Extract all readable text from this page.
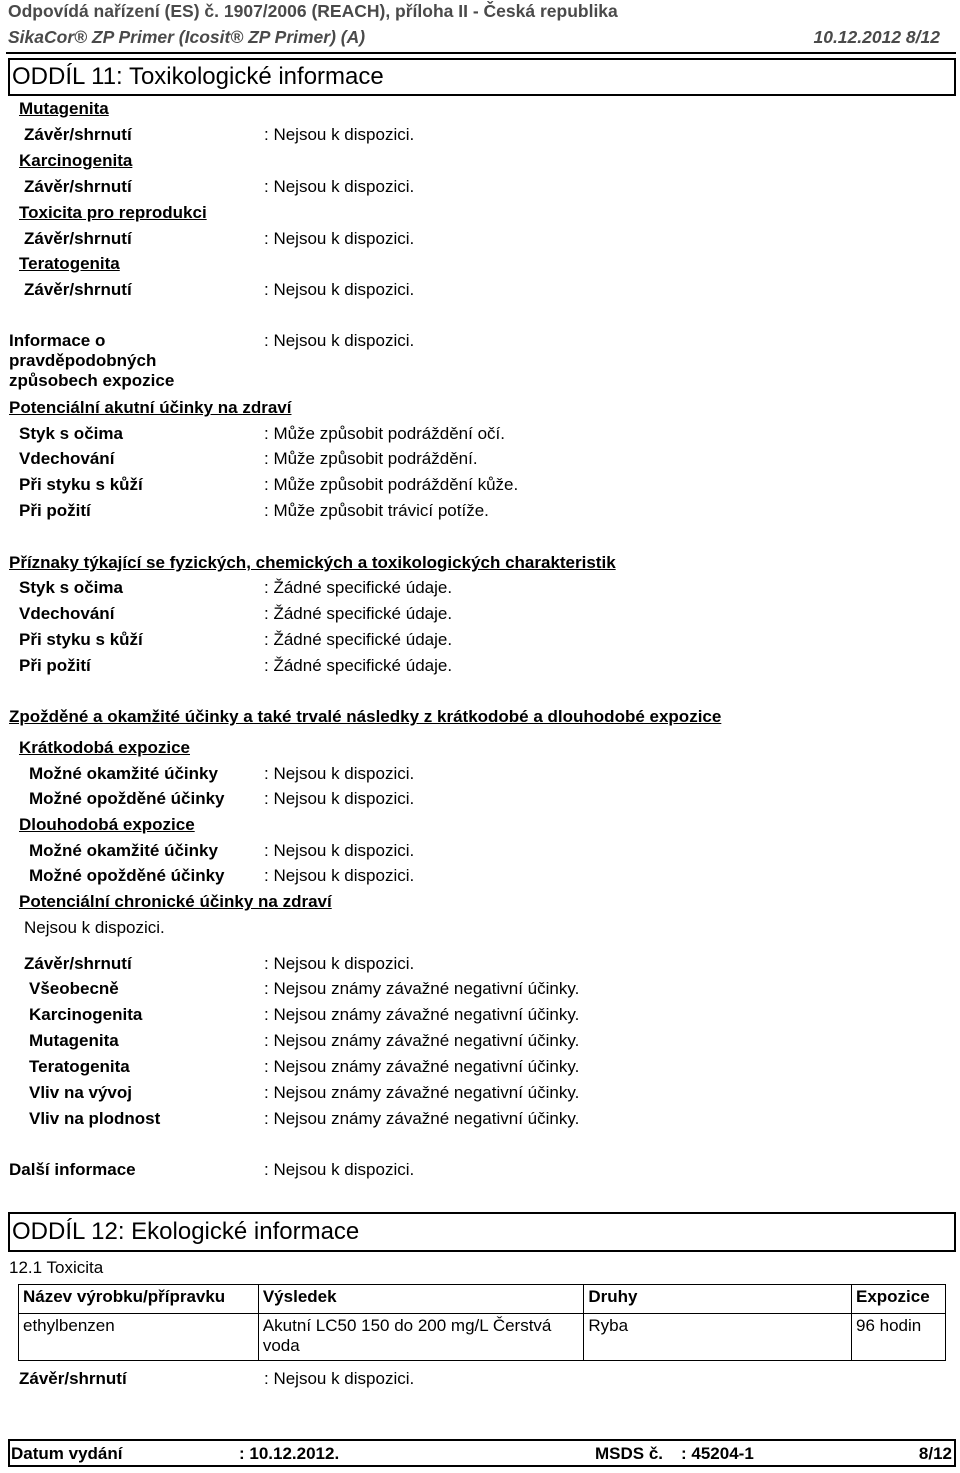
Odpovídá nařízení (ES) č. 1907/2006 (REACH), příloha II - Česká republika
SikaCor® ZP Primer (Icosit® ZP Primer) (A)	10.12.2012 8/12
ODDÍL 11: Toxikologické informace
Mutagenita
Závěr/shrnutí	: Nejsou k dispozici.
Karcinogenita
Závěr/shrnutí	: Nejsou k dispozici.
Toxicita pro reprodukci
Závěr/shrnutí	: Nejsou k dispozici.
Teratogenita
Závěr/shrnutí	: Nejsou k dispozici.
Informace o
pravděpodobných
způsobech expozice
: Nejsou k dispozici.
Potenciální akutní účinky na zdraví
Styk s očima	: Může způsobit podráždění očí.
Vdechování	: Může způsobit podráždění.
Při styku s kůží	: Může způsobit podráždění kůže.
Při požití	: Může způsobit trávicí potíže.
Příznaky týkající se fyzických, chemických a toxikologických charakteristik
Styk s očima	: Žádné specifické údaje.
Vdechování	: Žádné specifické údaje.
Při styku s kůží	: Žádné specifické údaje.
Při požití	: Žádné specifické údaje.
Zpožděné a okamžité účinky a také trvalé následky z krátkodobé a dlouhodobé expozice
Krátkodobá expozice
Možné okamžité účinky	: Nejsou k dispozici.
Možné opožděné účinky : Nejsou k dispozici.
Dlouhodobá expozice
Možné okamžité účinky	: Nejsou k dispozici.
Možné opožděné účinky : Nejsou k dispozici.
Potenciální chronické účinky na zdraví
Nejsou k dispozici.
Závěr/shrnutí	: Nejsou k dispozici.
Všeobecně	: Nejsou známy závažné negativní účinky.
Karcinogenita	: Nejsou známy závažné negativní účinky.
Mutagenita	: Nejsou známy závažné negativní účinky.
Teratogenita	: Nejsou známy závažné negativní účinky.
Vliv na vývoj	: Nejsou známy závažné negativní účinky.
Vliv na plodnost	: Nejsou známy závažné negativní účinky.
Další informace	: Nejsou k dispozici.
ODDÍL 12: Ekologické informace
12.1 Toxicita
Název výrobku/přípravku	Výsledek	Druhy	Expozice
ethylbenzen	Akutní LC50 150 do 200 mg/L Čerstvá voda	Ryba	96 hodin
Závěr/shrnutí	: Nejsou k dispozici.
Datum vydání	: 10.12.2012.	MSDS č. : 45204-1	8/12
